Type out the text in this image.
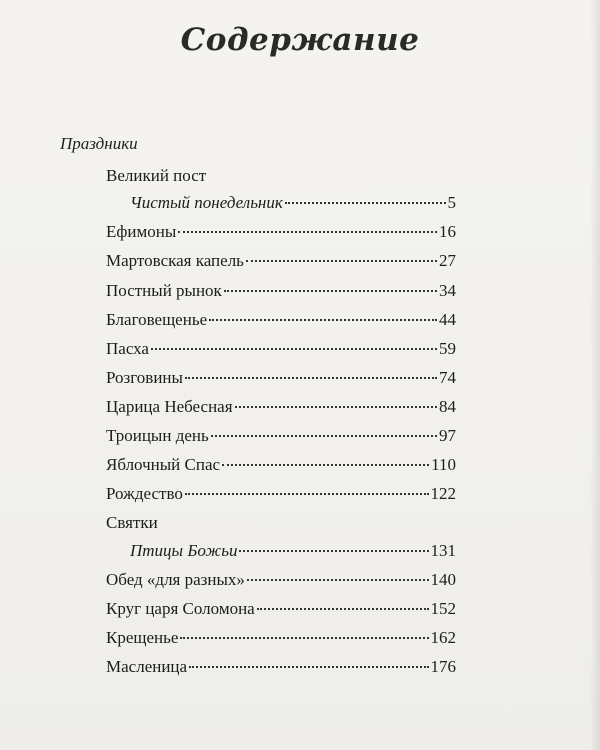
Содержание
Праздники
Великий пост
Чистый понедельник	5
Ефимоны	16
Мартовская капель	27
Постный рынок	34
Благовещенье	44
Пасха	59
Розговины	74
Царица Небесная	84
Троицын день	97
Яблочный Спас	110
Рождество	122
Святки
Птицы Божьи	131
Обед «для разных»	140
Круг царя Соломона	152
Крещенье	162
Масленица	176
